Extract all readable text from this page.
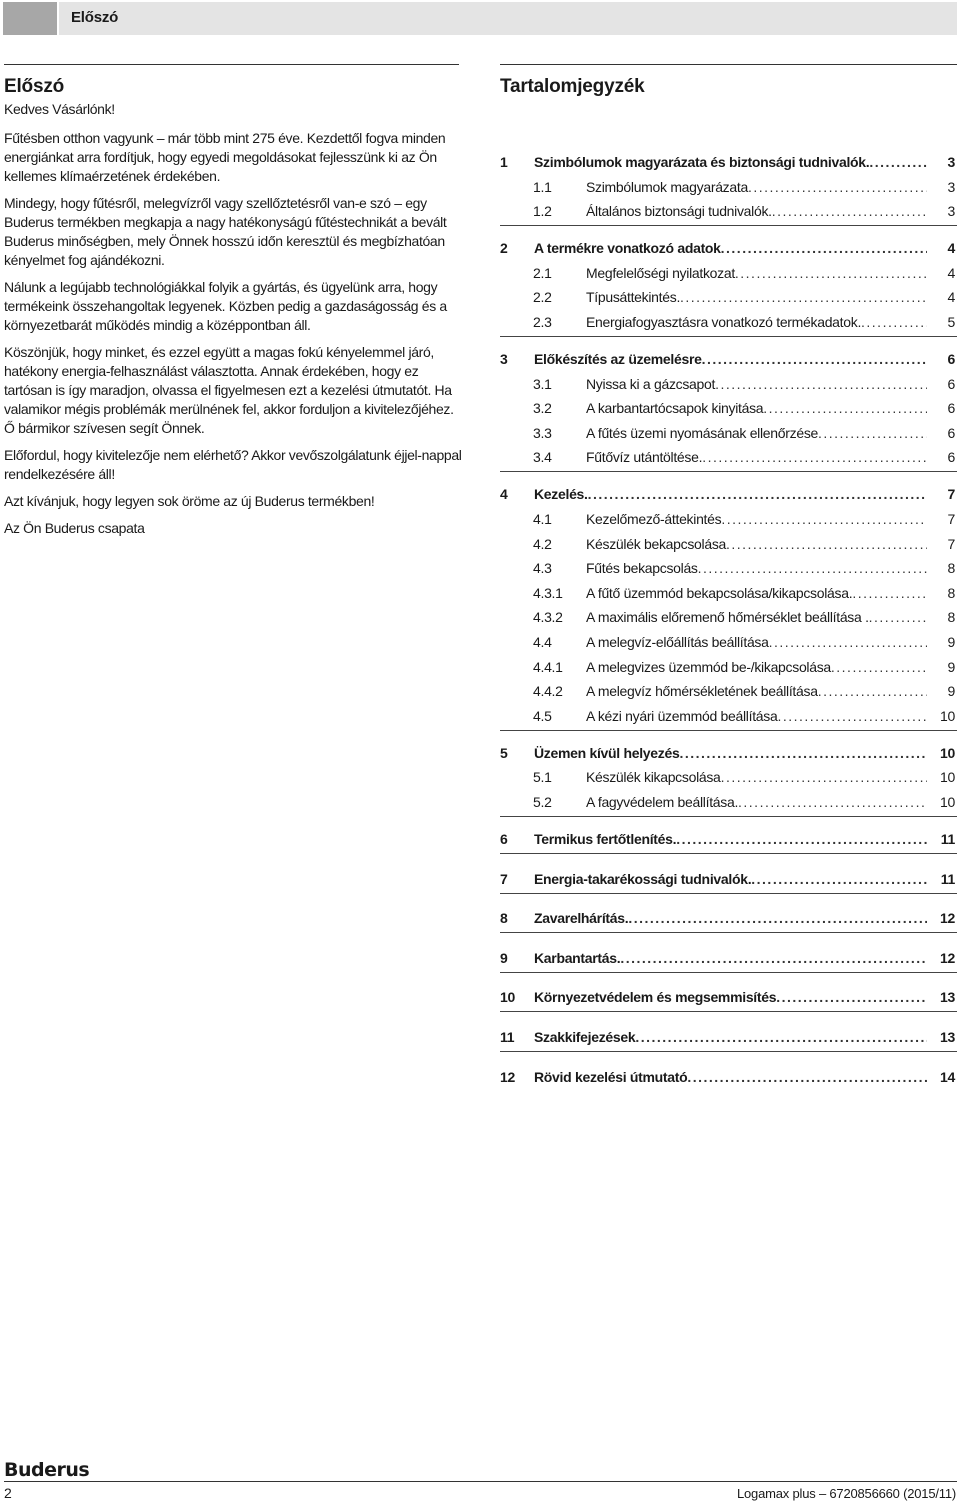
Előszó
Előszó

Kedves Vásárlónk!

Fűtésben otthon vagyunk – már több mint 275 éve. Kezdettől fogva minden energiánkat arra fordítjuk, hogy egyedi megoldásokat fejlesszünk ki az Ön kellemes klímaérzetének érdekében.

Mindegy, hogy fűtésről, melegvízről vagy szellőztetésről van-e szó – egy Buderus termékben megkapja a nagy hatékonyságú fűtéstechnikát a bevált Buderus minőségben, mely Önnek hosszú időn keresztül és megbízhatóan kényelmet fog ajándékozni.

Nálunk a legújabb technológiákkal folyik a gyártás, és ügyelünk arra, hogy termékeink összehangoltak legyenek. Közben pedig a gazdaságosság és a környezetbarát működés mindig a középpontban áll.

Köszönjük, hogy minket, és ezzel együtt a magas fokú kényelemmel járó, hatékony energia-felhasználást választotta. Annak érdekében, hogy ez tartósan is így maradjon, olvassa el figyelmesen ezt a kezelési útmutatót. Ha valamikor mégis problémák merülnének fel, akkor forduljon a kivitelezőjéhez. Ő bármikor szívesen segít Önnek.

Előfordul, hogy kivitelezője nem elérhető? Akkor vevőszolgálatunk éjjel-nappal rendelkezésére áll!

Azt kívánjuk, hogy legyen sok öröme az új Buderus termékben!

Az Ön Buderus csapata

Tartalomjegyzék
1	Szimbólumok magyarázata és biztonsági tudnivalók. . . .	3
1.1	Szimbólumok magyarázata . . .	3
1.2	Általános biztonsági tudnivalók. . . .	3
2	A termékre vonatkozó adatok . . .	4
2.1	Megfelelőségi nyilatkozat . . .	4
2.2	Típusáttekintés. . . .	4
2.3	Energiafogyasztásra vonatkozó termékadatok. . . .	5
3	Előkészítés az üzemelésre . . .	6
3.1	Nyissa ki a gázcsapot . . .	6
3.2	A karbantartócsapok kinyitása . . .	6
3.3	A fűtés üzemi nyomásának ellenőrzése . . .	6
3.4	Fűtővíz utántöltése. . . .	6
4	Kezelés. . . .	7
4.1	Kezelőmező-áttekintés . . .	7
4.2	Készülék bekapcsolása . . .	7
4.3	Fűtés bekapcsolás . . .	8
4.3.1	A fűtő üzemmód bekapcsolása/kikapcsolása. . . .	8
4.3.2	A maximális előremenő hőmérséklet beállítása . . . .	8
4.4	A melegvíz-előállítás beállítása . . .	9
4.4.1	A melegvizes üzemmód be-/kikapcsolása . . .	9
4.4.2	A melegvíz hőmérsékletének beállítása . . .	9
4.5	A kézi nyári üzemmód beállítása . . .	10
5	Üzemen kívül helyezés . . .	10
5.1	Készülék kikapcsolása . . .	10
5.2	A fagyvédelem beállítása. . . .	10
6	Termikus fertőtlenítés. . . .	11
7	Energia-takarékossági tudnivalók. . . .	11
8	Zavarelhárítás. . . .	12
9	Karbantartás. . . .	12
10	Környezetvédelem és megsemmisítés . . .	13
11	Szakkifejezések . . .	13
12	Rövid kezelési útmutató . . .	14
Buderus
2	Logamax plus – 6720856660 (2015/11)
